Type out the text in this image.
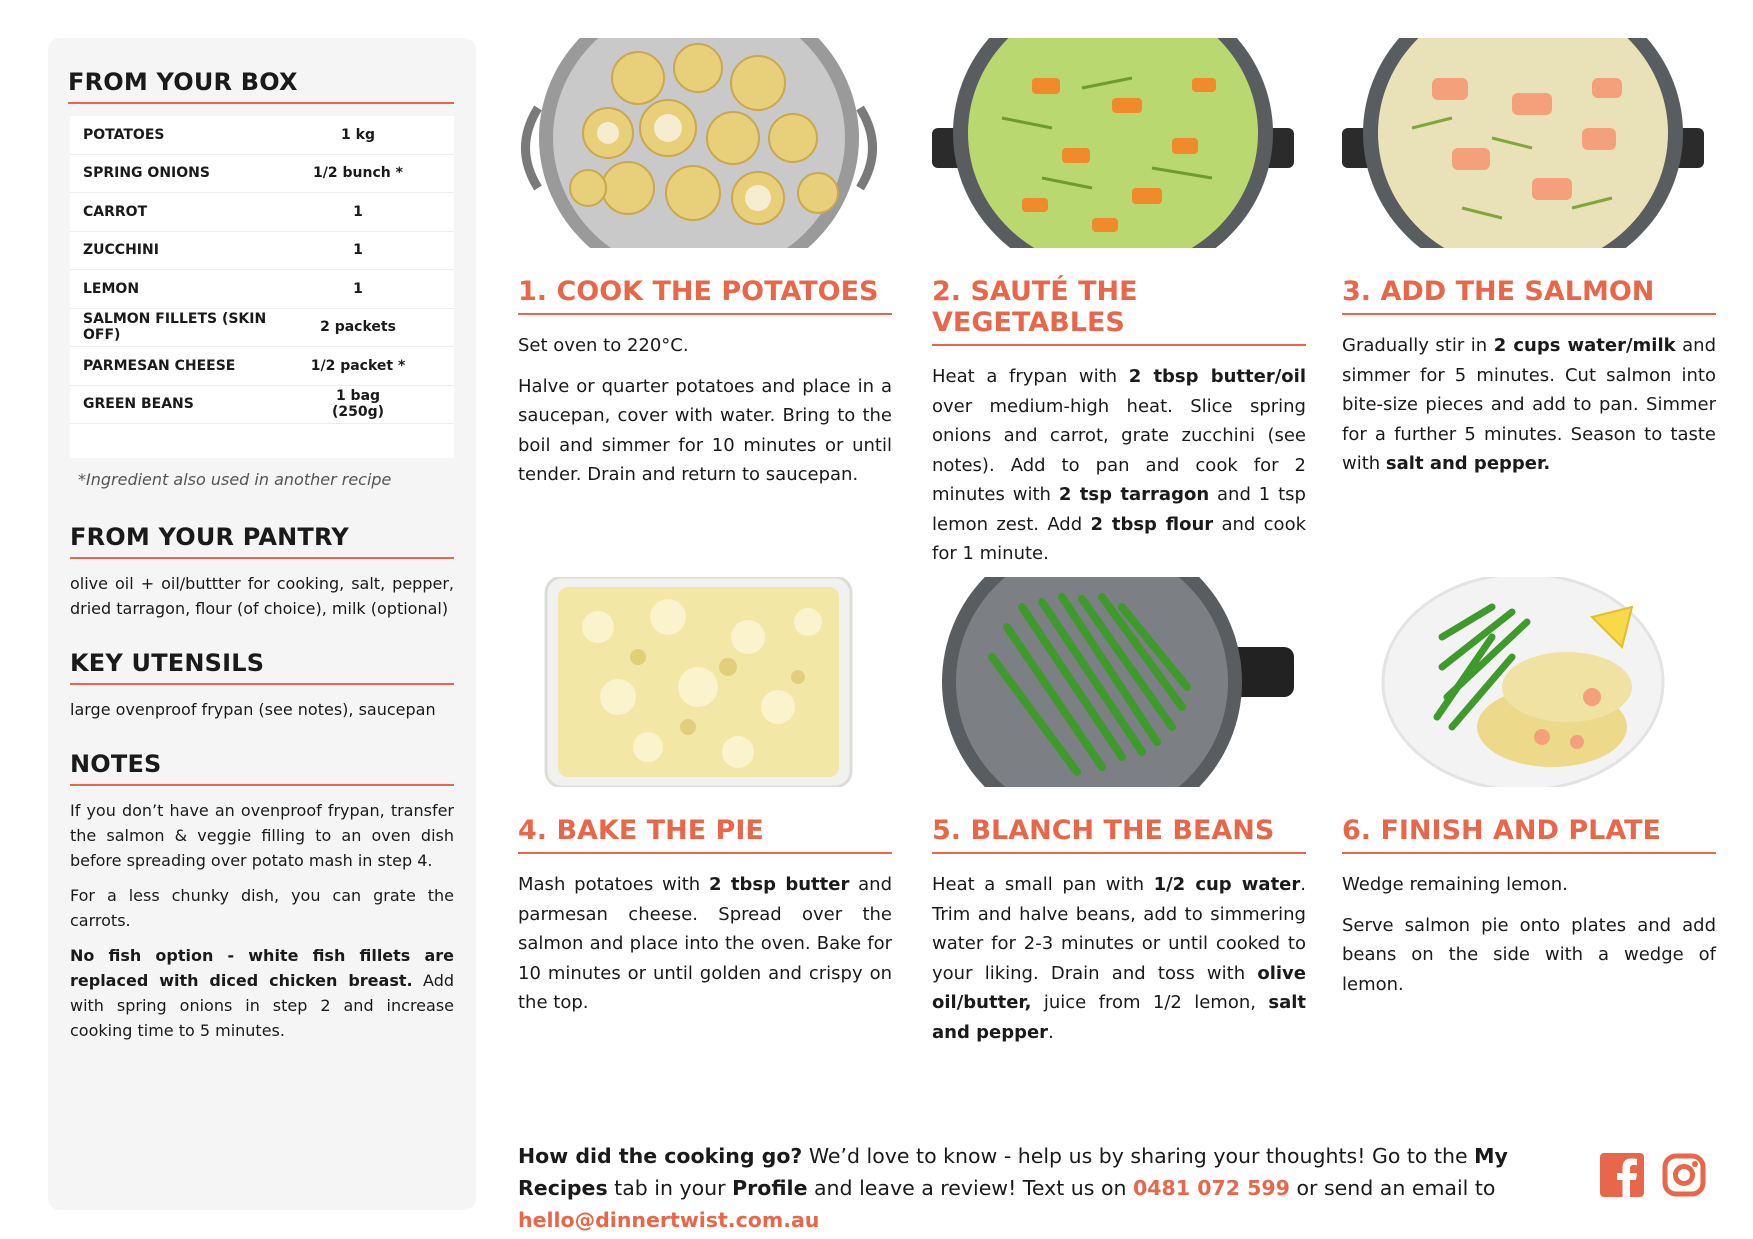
FROM YOUR BOX
POTATOES	1 kg
SPRING ONIONS	1/2 bunch *
CARROT	1
ZUCCHINI	1
LEMON	1
SALMON FILLETS (SKIN OFF)	2 packets
PARMESAN CHEESE	1/2 packet *
GREEN BEANS	1 bag (250g)
*Ingredient also used in another recipe
FROM YOUR PANTRY
olive oil + oil/buttter for cooking, salt, pepper, dried tarragon, flour (of choice), milk (optional)
KEY UTENSILS
large ovenproof frypan (see notes), saucepan
NOTES

If you don’t have an ovenproof frypan, transfer the salmon & veggie filling to an oven dish before spreading over potato mash in step 4.

For a less chunky dish, you can grate the carrots.

No fish option - white fish fillets are replaced with diced chicken breast. Add with spring onions in step 2 and increase cooking time to 5 minutes.

1. COOK THE POTATOES

Set oven to 220°C.

Halve or quarter potatoes and place in a saucepan, cover with water. Bring to the boil and simmer for 10 minutes or until tender. Drain and return to saucepan.

2. SAUTÉ THE VEGETABLES

Heat a frypan with 2 tbsp butter/oil over medium-high heat. Slice spring onions and carrot, grate zucchini (see notes). Add to pan and cook for 2 minutes with 2 tsp tarragon and 1 tsp lemon zest. Add 2 tbsp flour and cook for 1 minute.

3. ADD THE SALMON

Gradually stir in 2 cups water/milk and simmer for 5 minutes. Cut salmon into bite-size pieces and add to pan. Simmer for a further 5 minutes. Season to taste with salt and pepper.

4. BAKE THE PIE

Mash potatoes with 2 tbsp butter and parmesan cheese. Spread over the salmon and place into the oven. Bake for 10 minutes or until golden and crispy on the top.

5. BLANCH THE BEANS

Heat a small pan with 1/2 cup water. Trim and halve beans, add to simmering water for 2-3 minutes or until cooked to your liking. Drain and toss with olive oil/butter, juice from 1/2 lemon, salt and pepper.

6. FINISH AND PLATE

Wedge remaining lemon.

Serve salmon pie onto plates and add beans on the side with a wedge of lemon.

How did the cooking go? We’d love to know - help us by sharing your thoughts! Go to the My Recipes tab in your Profile and leave a review! Text us on 0481 072 599 or send an email to hello@dinnertwist.com.au
